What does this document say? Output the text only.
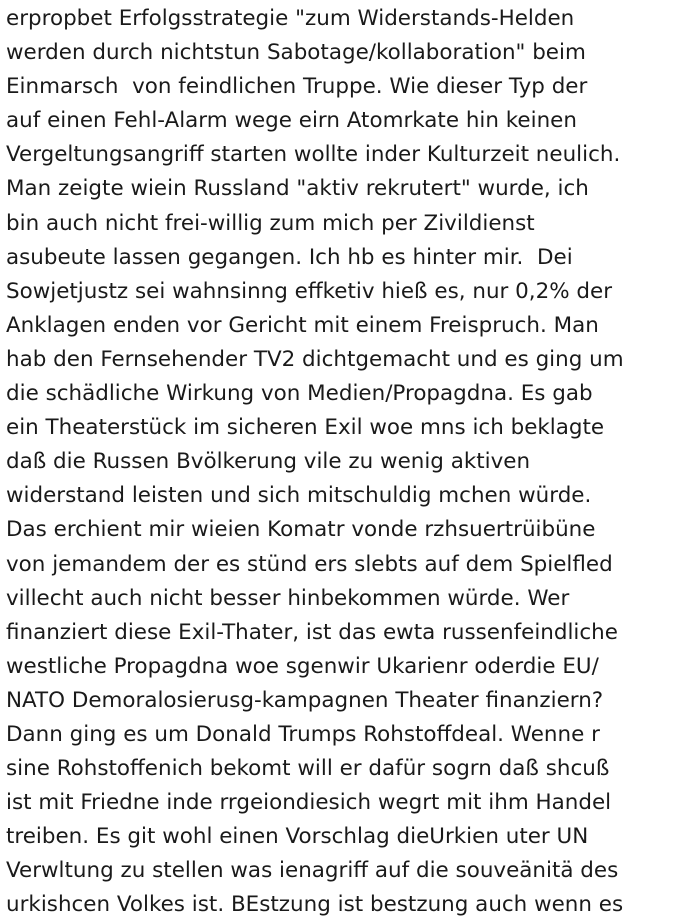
erpropbet Erfolgsstrategie "zum Widerstands-Helden
werden durch nichtstun Sabotage/kollaboration" beim
Einmarsch  von feindlichen Truppe. Wie dieser Typ der
auf einen Fehl-Alarm wege eirn Atomrkate hin keinen
Vergeltungsangriff starten wollte inder Kulturzeit neulich.
Man zeigte wiein Russland "aktiv rekrutert" wurde, ich
bin auch nicht frei-willig zum mich per Zivildienst
asubeute lassen gegangen. Ich hb es hinter mir.  Dei
Sowjetjustz sei wahnsinng effketiv hieß es, nur 0,2% der
Anklagen enden vor Gericht mit einem Freispruch. Man
hab den Fernsehender TV2 dichtgemacht und es ging um
die schädliche Wirkung von Medien/Propagdna. Es gab
ein Theaterstück im sicheren Exil woe mns ich beklagte
daß die Russen Bvölkerung vile zu wenig aktiven
widerstand leisten und sich mitschuldig mchen würde.
Das erchient mir wieien Komatr vonde rzhsuertrüibüne
von jemandem der es stünd ers slebts auf dem Spielfled
villecht auch nicht besser hinbekommen würde. Wer
finanziert diese Exil-Thater, ist das ewta russenfeindliche
westliche Propagdna woe sgenwir Ukarienr oderdie EU/
NATO Demoralosierusg-kampagnen Theater finanziern?
Dann ging es um Donald Trumps Rohstoffdeal. Wenne r
sine Rohstoffenich bekomt will er dafür sogrn daß shcuß
ist mit Friedne inde rrgeiondiesich wegrt mit ihm Handel
treiben. Es git wohl einen Vorschlag dieUrkien uter UN
Verwltung zu stellen was ienagriff auf die souveänitä des
urkishcen Volkes ist. BEstzung ist bestzung auch wenn es
